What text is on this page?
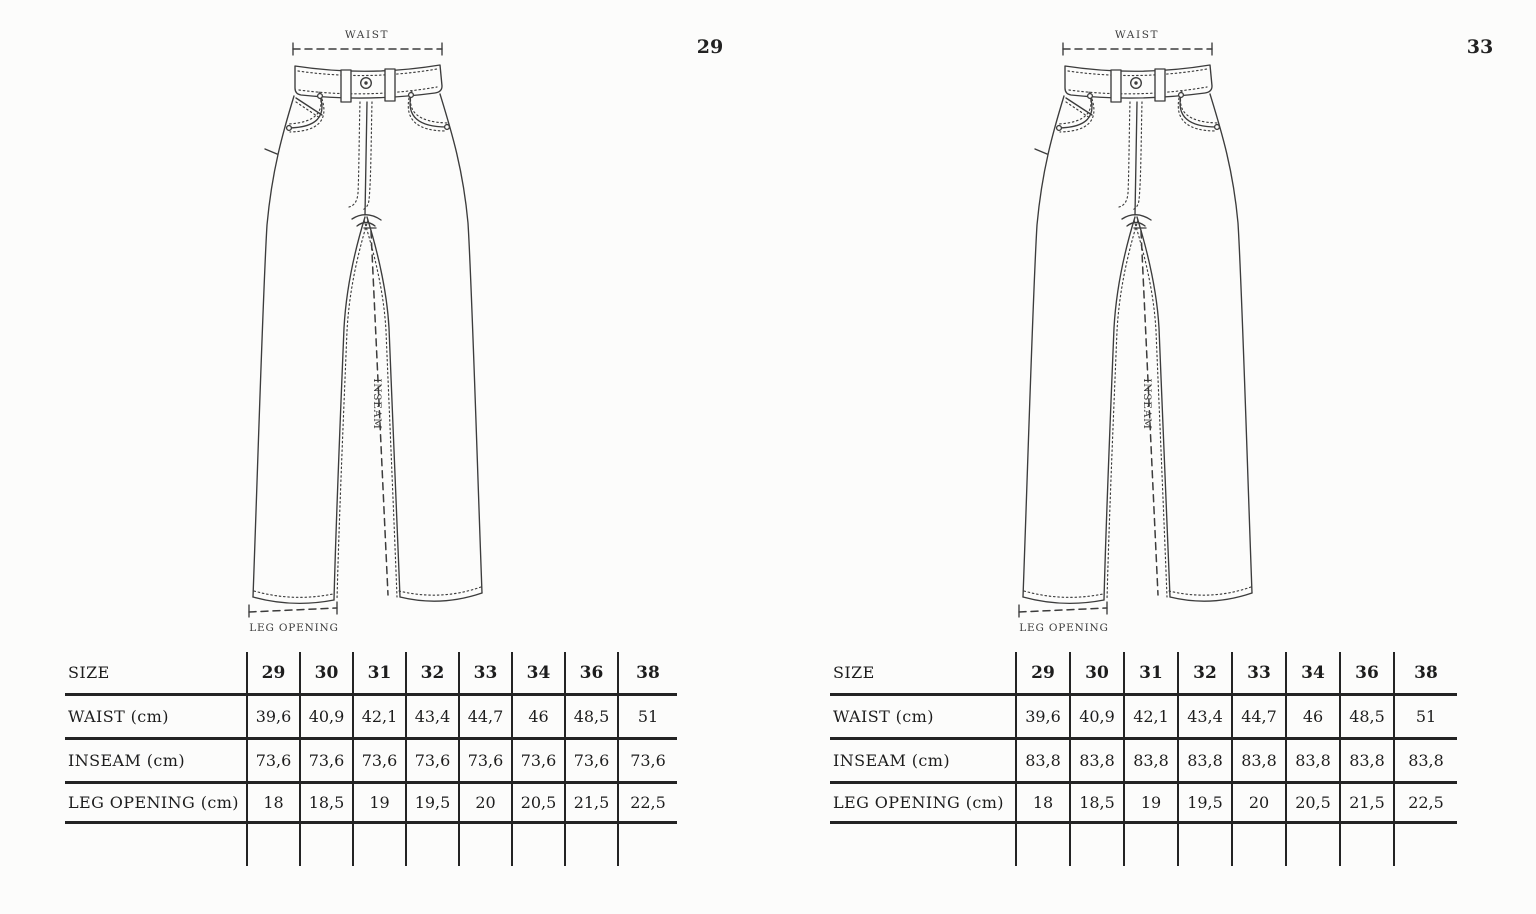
WAIST
INSEAM
LEG OPENING
29
SIZE	29	30	31	32	33	34	36	38
WAIST (cm)	39,6	40,9	42,1	43,4	44,7	46	48,5	51
INSEAM (cm)	73,6	73,6	73,6	73,6	73,6	73,6	73,6	73,6
LEG OPENING (cm)	18	18,5	19	19,5	20	20,5	21,5	22,5
WAIST
INSEAM
LEG OPENING
33
SIZE	29	30	31	32	33	34	36	38
WAIST (cm)	39,6	40,9	42,1	43,4	44,7	46	48,5	51
INSEAM (cm)	83,8	83,8	83,8	83,8	83,8	83,8	83,8	83,8
LEG OPENING (cm)	18	18,5	19	19,5	20	20,5	21,5	22,5
